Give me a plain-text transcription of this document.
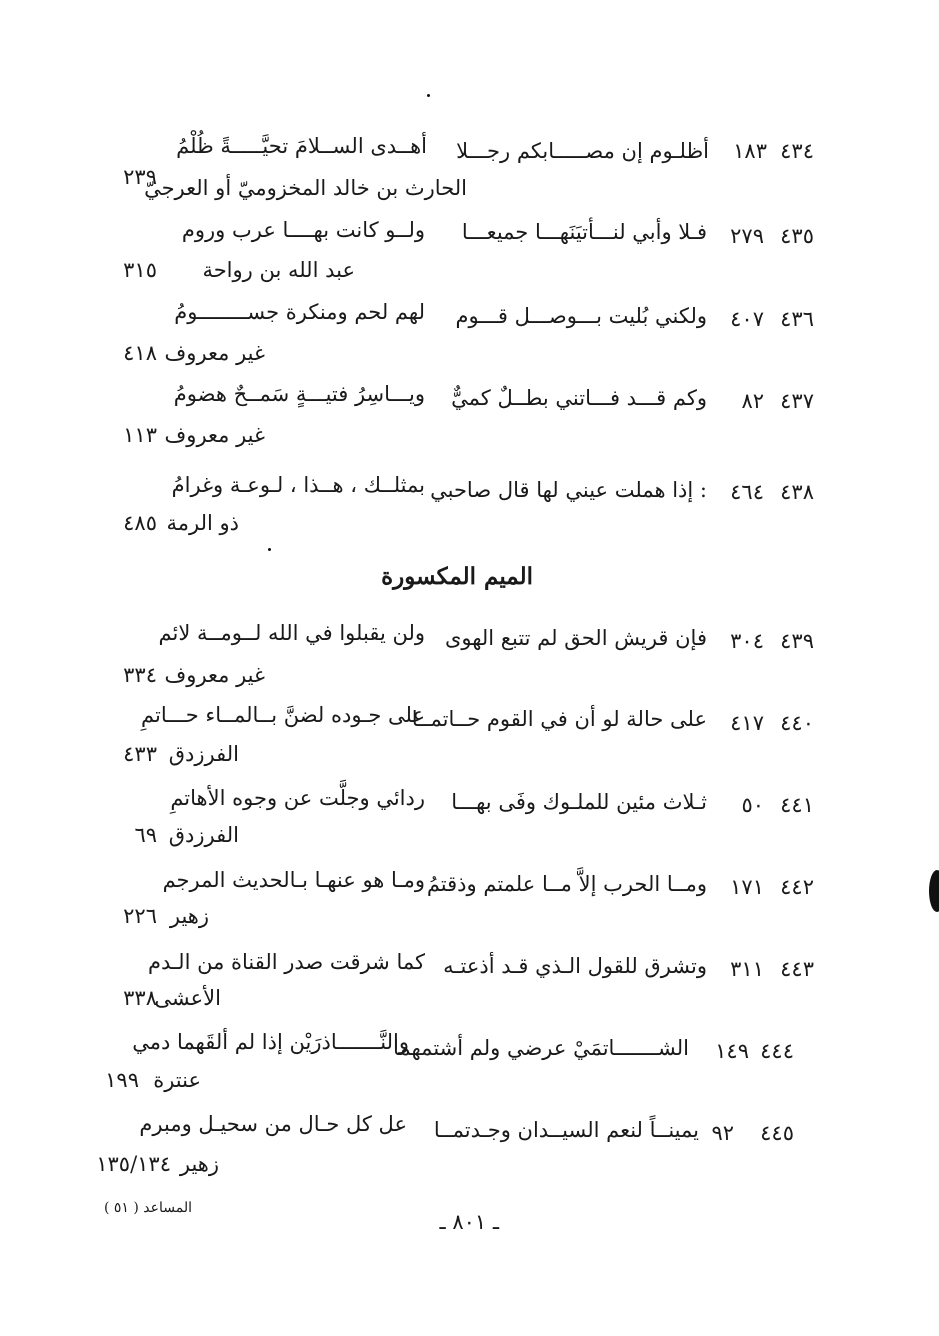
٤٣٤
١٨٣
أظلـوم إن مصـــــابكم رجـــلا
أهــدى الســلامَ تحيَّـــــةً ظُلْمُ
الحارث بن خالد المخزوميّ أو العرجيّ
٢٣٩
٤٣٥
٢٧٩
فـلا وأبي لنـــأتيَنَهـــا جميعـــا
ولــو كانت بهــــا عرب وروم
عبد الله بن رواحة
٣١٥
٤٣٦
٤٠٧
ولكني بُليت بـــوصـــل قـــوم
لهم لحم ومنكرة جســــــــومُ
غير معروف
٤١٨
٤٣٧
٨٢
وكم قـــد فـــاتني بطــلٌ كميٌّ
ويـــاسِرُ فتيـــةٍ سَمــحٌ هضومُ
غير معروف
١١٣
٤٣٨
٤٦٤
إذا هملت عيني لها قال صاحبي :
بمثلــك ، هــذا ، لـوعـة وغرامُ
ذو الرمة
٤٨٥
الميم المكسورة
٤٣٩
٣٠٤
فإن قريش الحق لم تتبع الهوى
ولن يقبلوا في الله لــومــة لائم
غير معروف
٣٣٤
٤٤٠
٤١٧
على حالة لو أن في القوم حــاتمــا
على جـوده لضنَّ بــالمــاء حـــاتمِ
الفرزدق
٤٣٣
٤٤١
٥٠
ثـلاث مئين للملـوك وفَى بهـــا
ردائي وجلَّت عن وجوه الأهاتمِ
الفرزدق
٦٩
٤٤٢
١٧١
ومــا الحرب إلاَّ مــا علمتم وذقتمُ
ومـا هو عنهـا بـالحديث المرجم
زهير
٢٢٦
٤٤٣
٣١١
وتشرق للقول الـذي قـد أذعتـه
كما شرقت صدر القناة من الـدم
الأعشى
٣٣٨
٤٤٤
١٤٩
الشـــــــاتمَيْ عرضي ولم أشتمهما
والنَّـــــــاذرَيْن إذا لم ألقَهما دمي
عنترة
١٩٩
٤٤٥
٩٢
يمينــاً لنعم السيــدان وجـدتمــا
عل كل حـال من سحيـل ومبرم
زهير
١٣٥/١٣٤
المساعد ( ٥١ )
ـ ٨٠١ ـ
